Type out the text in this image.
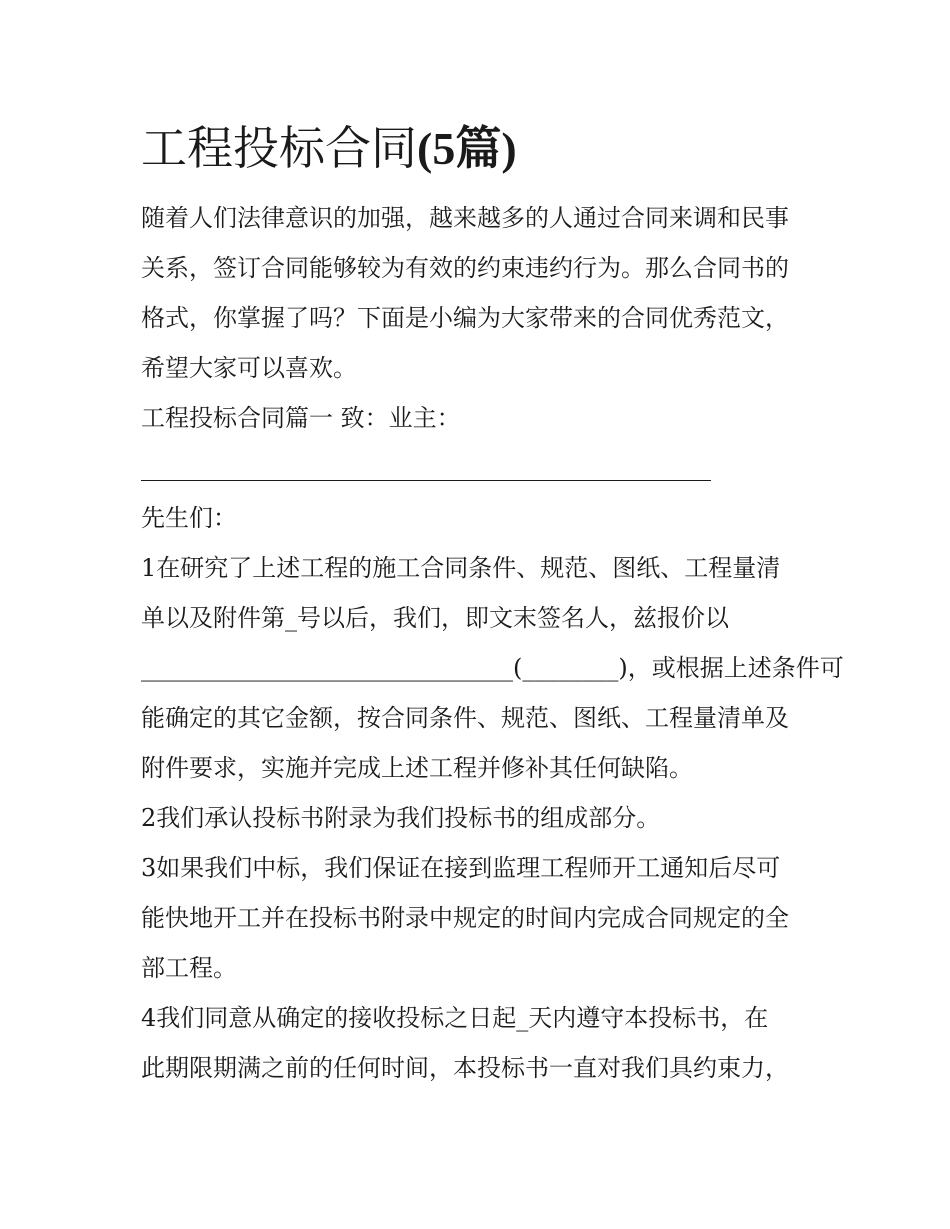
工程投标合同(5篇)

随着人们法律意识的加强，越来越多的人通过合同来调和民事

关系，签订合同能够较为有效的约束违约行为。那么合同书的

格式，你掌握了吗？下面是小编为大家带来的合同优秀范文，

希望大家可以喜欢。

工程投标合同篇一 致：业主：

先生们：

1在研究了上述工程的施工合同条件、规范、图纸、工程量清

单以及附件第_号以后，我们，即文末签名人，兹报价以

_______________________________(________)，或根据上述条件可

能确定的其它金额，按合同条件、规范、图纸、工程量清单及

附件要求，实施并完成上述工程并修补其任何缺陷。

2我们承认投标书附录为我们投标书的组成部分。

3如果我们中标，我们保证在接到监理工程师开工通知后尽可

能快地开工并在投标书附录中规定的时间内完成合同规定的全

部工程。

4我们同意从确定的接收投标之日起_天内遵守本投标书，在

此期限期满之前的任何时间，本投标书一直对我们具约束力，
